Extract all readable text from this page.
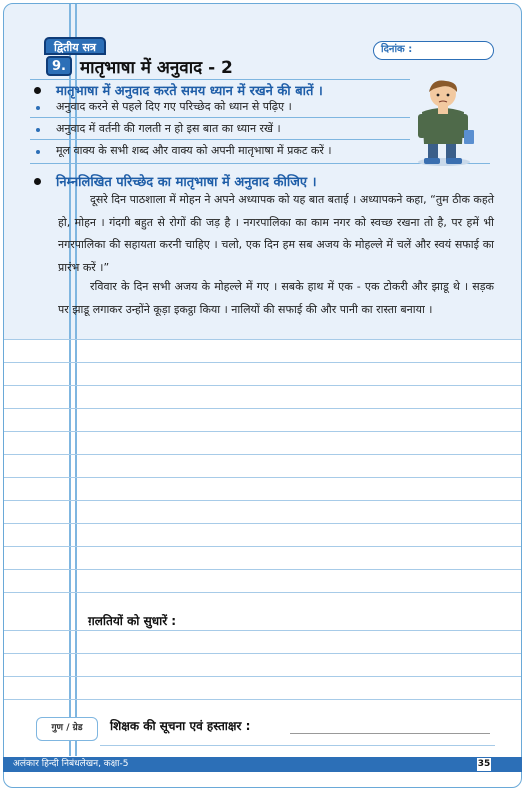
द्वितीय सत्र
9. मातृभाषा में अनुवाद - 2
दिनांक :
मातृभाषा में अनुवाद करते समय ध्यान में रखने की बातें ।
अनुवाद करने से पहले दिए गए परिच्छेद को ध्यान से पढ़िए ।
अनुवाद में वर्तनी की गलती न हो इस बात का ध्यान रखें ।
मूल वाक्य के सभी शब्द और वाक्य को अपनी मातृभाषा में प्रकट करें ।
निम्नलिखित परिच्छेद का मातृभाषा में अनुवाद कीजिए ।

दूसरे दिन पाठशाला में मोहन ने अपने अध्यापक को यह बात बताई । अध्यापकने कहा, “तुम ठीक कहते हो, मोहन । गंदगी बहुत से रोगों की जड़ है । नगरपालिका का काम नगर को स्वच्छ रखना तो है, पर हमें भी नगरपालिका की सहायता करनी चाहिए । चलो, एक दिन हम सब अजय के मोहल्ले में चलें और स्वयं सफाई का प्रारंभ करें ।”

रविवार के दिन सभी अजय के मोहल्ले में गए । सबके हाथ में एक - एक टोकरी और झाडू थे । सड़क पर झाडू लगाकर उन्होंने कूड़ा इकट्ठा किया । नालियों की सफाई की और पानी का रास्ता बनाया ।

ग़लतियों को सुधारें :
गुण / ग्रेड	शिक्षक की सूचना एवं हस्ताक्षर :
अलंकार हिन्दी निबंधलेखन, कक्षा-5	35
